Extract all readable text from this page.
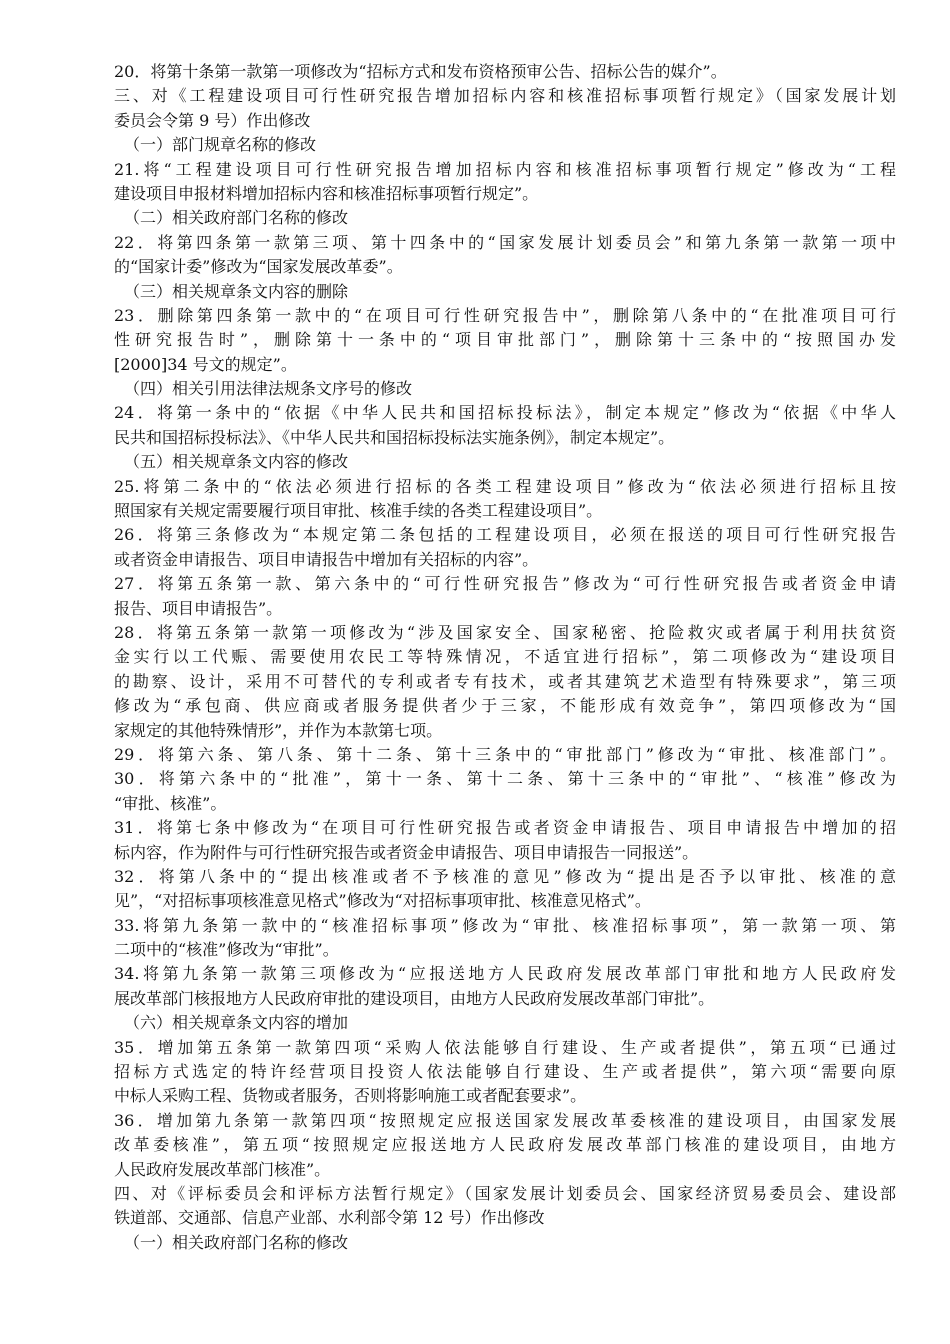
20．将第十条第一款第一项修改为“招标方式和发布资格预审公告、招标公告的媒介”。
三、对《工程建设项目可行性研究报告增加招标内容和核准招标事项暂行规定》（国家发展计划
委员会令第 9 号）作出修改
（一）部门规章名称的修改
21.将“工程建设项目可行性研究报告增加招标内容和核准招标事项暂行规定”修改为“工程
建设项目申报材料增加招标内容和核准招标事项暂行规定”。
（二）相关政府部门名称的修改
22．将第四条第一款第三项、第十四条中的“国家发展计划委员会”和第九条第一款第一项中
的“国家计委”修改为“国家发展改革委”。
（三）相关规章条文内容的删除
23．删除第四条第一款中的“在项目可行性研究报告中”，删除第八条中的“在批准项目可行
性研究报告时”，删除第十一条中的“项目审批部门”，删除第十三条中的“按照国办发
[2000]34 号文的规定”。
（四）相关引用法律法规条文序号的修改
24．将第一条中的“依据《中华人民共和国招标投标法》，制定本规定”修改为“依据《中华人
民共和国招标投标法》、《中华人民共和国招标投标法实施条例》，制定本规定”。
（五）相关规章条文内容的修改
25.将第二条中的“依法必须进行招标的各类工程建设项目”修改为“依法必须进行招标且按
照国家有关规定需要履行项目审批、核准手续的各类工程建设项目”。
26．将第三条修改为“本规定第二条包括的工程建设项目，必须在报送的项目可行性研究报告
或者资金申请报告、项目申请报告中增加有关招标的内容”。
27．将第五条第一款、第六条中的“可行性研究报告”修改为“可行性研究报告或者资金申请
报告、项目申请报告”。
28．将第五条第一款第一项修改为“涉及国家安全、国家秘密、抢险救灾或者属于利用扶贫资
金实行以工代赈、需要使用农民工等特殊情况，不适宜进行招标”，第二项修改为“建设项目
的勘察、设计，采用不可替代的专利或者专有技术，或者其建筑艺术造型有特殊要求”，第三项
修改为“承包商、供应商或者服务提供者少于三家，不能形成有效竞争”，第四项修改为“国
家规定的其他特殊情形”，并作为本款第七项。
29．将第六条、第八条、第十二条、第十三条中的“审批部门”修改为“审批、核准部门”。
30．将第六条中的“批准”，第十一条、第十二条、第十三条中的“审批”、“核准”修改为
“审批、核准”。
31．将第七条中修改为“在项目可行性研究报告或者资金申请报告、项目申请报告中增加的招
标内容，作为附件与可行性研究报告或者资金申请报告、项目申请报告一同报送”。
32．将第八条中的“提出核准或者不予核准的意见”修改为“提出是否予以审批、核准的意
见”，“对招标事项核准意见格式”修改为“对招标事项审批、核准意见格式”。
33.将第九条第一款中的“核准招标事项”修改为“审批、核准招标事项”，第一款第一项、第
二项中的“核准”修改为“审批”。
34.将第九条第一款第三项修改为“应报送地方人民政府发展改革部门审批和地方人民政府发
展改革部门核报地方人民政府审批的建设项目，由地方人民政府发展改革部门审批”。
（六）相关规章条文内容的增加
35．增加第五条第一款第四项“采购人依法能够自行建设、生产或者提供”，第五项“已通过
招标方式选定的特许经营项目投资人依法能够自行建设、生产或者提供”，第六项“需要向原
中标人采购工程、货物或者服务，否则将影响施工或者配套要求”。
36．增加第九条第一款第四项“按照规定应报送国家发展改革委核准的建设项目，由国家发展
改革委核准”，第五项“按照规定应报送地方人民政府发展改革部门核准的建设项目，由地方
人民政府发展改革部门核准”。
四、对《评标委员会和评标方法暂行规定》（国家发展计划委员会、国家经济贸易委员会、建设部
铁道部、交通部、信息产业部、水利部令第 12 号）作出修改
（一）相关政府部门名称的修改
